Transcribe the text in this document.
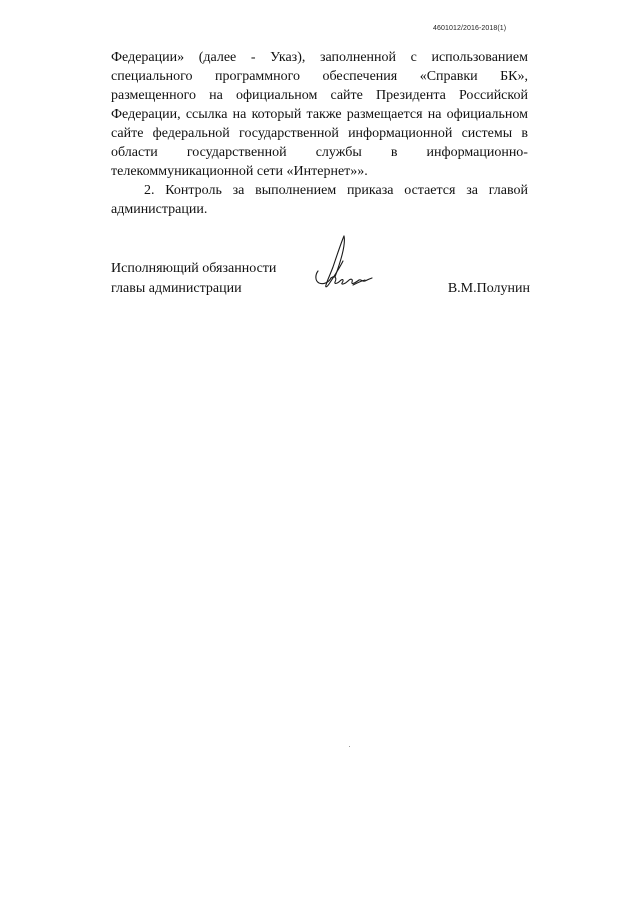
4601012/2016-2018(1)
Федерации» (далее - Указ), заполненной с использованием
специального программного обеспечения «Справки БК»,
размещенного на официальном сайте Президента Российской
Федерации, ссылка на который также размещается на официальном
сайте федеральной государственной информационной системы в
области государственной службы в информационно-
телекоммуникационной сети «Интернет»».
2. Контроль за выполнением приказа остается за главой
администрации.
Исполняющий обязанности
главы администрации	В.М.Полунин
